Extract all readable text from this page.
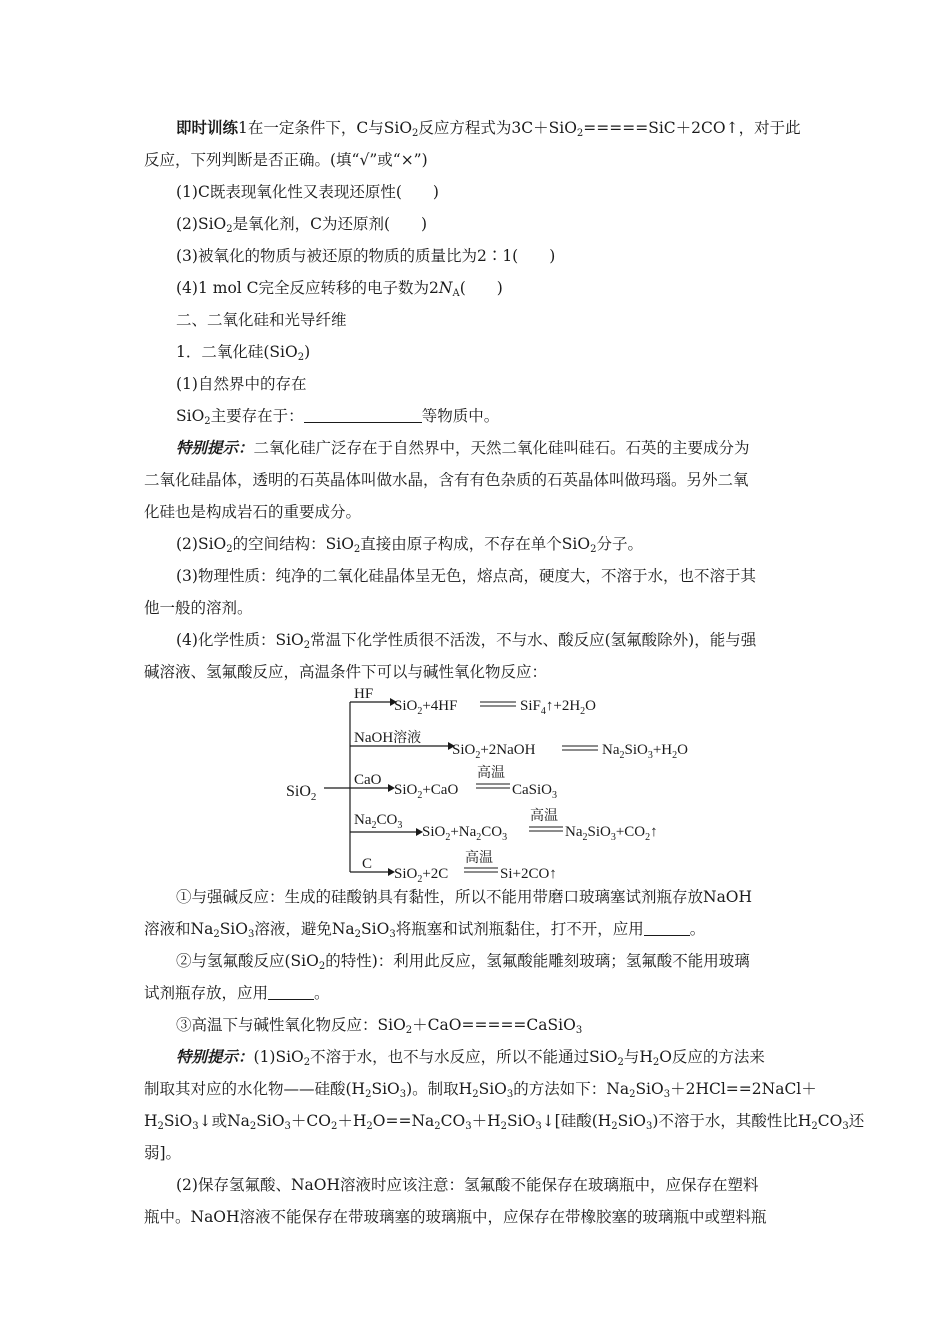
即时训练1在一定条件下，C与SiO$_2$反应方程式为3C＋SiO$_2$=====SiC＋2CO↑，对于此
反应，下列判断是否正确。(填“√”或“×”)
(1)C既表现氧化性又表现还原性(　　)
(2)SiO$_2$是氧化剂，C为还原剂(　　)
(3)被氧化的物质与被还原的物质的质量比为2∶1(　　)
(4)1 mol C完全反应转移的电子数为$2N_A$(　　)
二、二氧化硅和光导纤维
1．二氧化硅(SiO$_2$)
(1)自然界中的存在
SiO$_2$主要存在于：	等物质中。
特别提示：二氧化硅广泛存在于自然界中，天然二氧化硅叫硅石。石英的主要成分为
二氧化硅晶体，透明的石英晶体叫做水晶，含有有色杂质的石英晶体叫做玛瑙。另外二氧
化硅也是构成岩石的重要成分。
(2)SiO$_2$的空间结构：SiO$_2$直接由原子构成，不存在单个SiO$_2$分子。
(3)物理性质：纯净的二氧化硅晶体呈无色，熔点高，硬度大，不溶于水，也不溶于其
他一般的溶剂。
(4)化学性质：SiO$_2$常温下化学性质很不活泼，不与水、酸反应(氢氟酸除外)，能与强
碱溶液、氢氟酸反应，高温条件下可以与碱性氧化物反应：
SiO$_2$
HF
SiO$_2$+4HF	$SiF_4↑+2H_2O$
NaOH溶液
SiO$_2$+2NaOH	$Na_2SiO_3+H_2O$
CaO
SiO$_2$+CaO
高温
CaSiO$_3$
$Na_2CO_3$ $SiO_2+Na_2CO_3$
高温
$Na_2SiO_3+CO_2↑$
C
SiO$_2$+2C
高温
Si+2CO↑
①与强碱反应：生成的硅酸钠具有黏性，所以不能用带磨口玻璃塞试剂瓶存放NaOH
溶液和$Na_2SiO_3$溶液，避免$Na_2SiO_3$将瓶塞和试剂瓶黏住，打不开，应用	。
②与氢氟酸反应(SiO$_2$的特性)：利用此反应，氢氟酸能雕刻玻璃；氢氟酸不能用玻璃
试剂瓶存放，应用	。
③高温下与碱性氧化物反应：SiO$_2$＋CaO=====CaSiO$_3$
特别提示：(1)SiO$_2$不溶于水，也不与水反应，所以不能通过SiO$_2$与$H_2O$反应的方法来
制取其对应的水化物——硅酸$(H_2SiO_3)$。制取$H_2SiO_3$的方法如下：$Na_2SiO_3+2HCl==2NaCl+$
$H_2SiO_3↓$或$Na_2SiO_3+CO_2+H_2O==Na_2CO_3+H_2SiO_3↓$[硅酸$(H_2SiO_3)$不溶于水，其酸性比$H_2CO_3$还
弱]。
(2)保存氢氟酸、NaOH溶液时应该注意：氢氟酸不能保存在玻璃瓶中，应保存在塑料
瓶中。NaOH溶液不能保存在带玻璃塞的玻璃瓶中，应保存在带橡胶塞的玻璃瓶中或塑料瓶
